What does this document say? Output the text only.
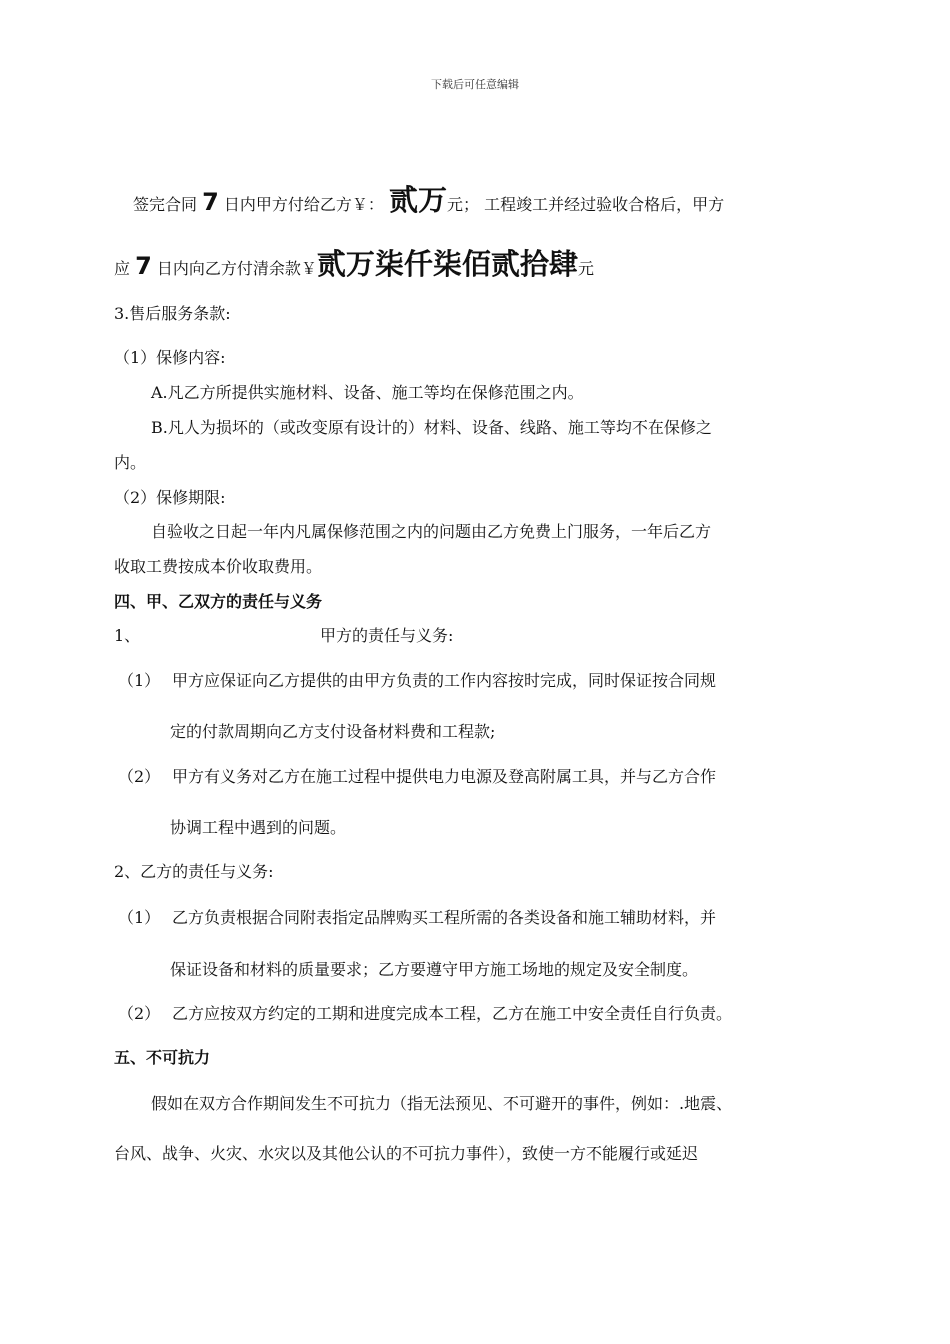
下载后可任意编辑
签完合同 7 日内甲方付给乙方￥： 贰万元； 工程竣工并经过验收合格后，甲方
应 7 日内向乙方付清余款￥贰万柒仟柒佰贰拾肆元
3.售后服务条款:
（1）保修内容:
A.凡乙方所提供实施材料、设备、施工等均在保修范围之内。
B.凡人为损坏的（或改变原有设计的）材料、设备、线路、施工等均不在保修之
内。
（2）保修期限:
自验收之日起一年内凡属保修范围之内的问题由乙方免费上门服务，一年后乙方
收取工费按成本价收取费用。
四、甲、乙双方的责任与义务
1、	甲方的责任与义务:
（1） 甲方应保证向乙方提供的由甲方负责的工作内容按时完成，同时保证按合同规
定的付款周期向乙方支付设备材料费和工程款;
（2） 甲方有义务对乙方在施工过程中提供电力电源及登高附属工具，并与乙方合作
协调工程中遇到的问题。
2、乙方的责任与义务:
（1） 乙方负责根据合同附表指定品牌购买工程所需的各类设备和施工辅助材料，并
保证设备和材料的质量要求；乙方要遵守甲方施工场地的规定及安全制度。
（2） 乙方应按双方约定的工期和进度完成本工程，乙方在施工中安全责任自行负责。
五、不可抗力
假如在双方合作期间发生不可抗力（指无法预见、不可避开的事件，例如：.地震、
台风、战争、火灾、水灾以及其他公认的不可抗力事件），致使一方不能履行或延迟
